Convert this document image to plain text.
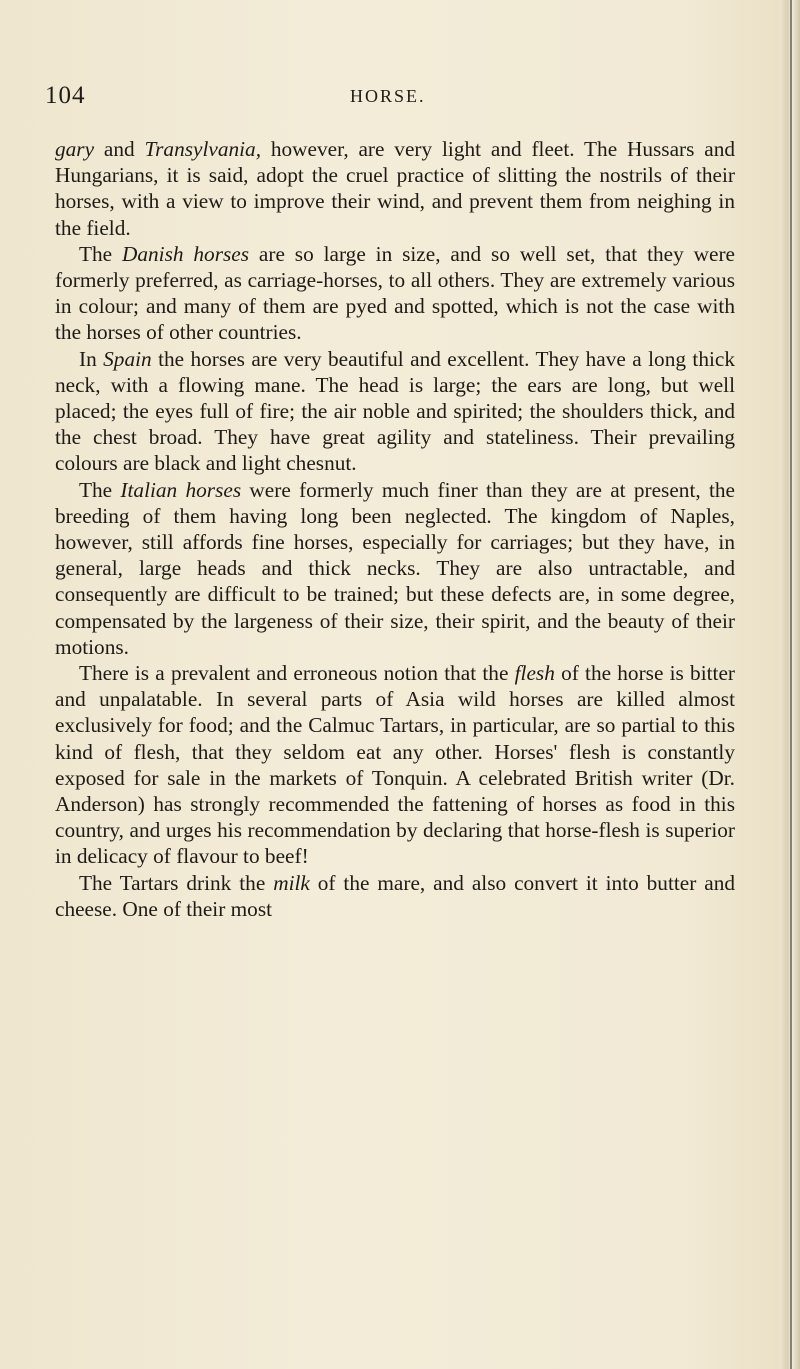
104	HORSE.

gary and Transylvania, however, are very light and fleet. The Hussars and Hungarians, it is said, adopt the cruel practice of slitting the nostrils of their horses, with a view to improve their wind, and prevent them from neighing in the field.

The Danish horses are so large in size, and so well set, that they were formerly preferred, as carriage-horses, to all others. They are extremely various in colour; and many of them are pyed and spotted, which is not the case with the horses of other countries.

In Spain the horses are very beautiful and excellent. They have a long thick neck, with a flowing mane. The head is large; the ears are long, but well placed; the eyes full of fire; the air noble and spirited; the shoulders thick, and the chest broad. They have great agility and stateliness. Their prevailing colours are black and light chesnut.

The Italian horses were formerly much finer than they are at present, the breeding of them having long been neglected. The kingdom of Naples, however, still affords fine horses, especially for carriages; but they have, in general, large heads and thick necks. They are also untractable, and consequently are difficult to be trained; but these defects are, in some degree, compensated by the largeness of their size, their spirit, and the beauty of their motions.

There is a prevalent and erroneous notion that the flesh of the horse is bitter and unpalatable. In several parts of Asia wild horses are killed almost exclusively for food; and the Calmuc Tartars, in particular, are so partial to this kind of flesh, that they seldom eat any other. Horses' flesh is constantly exposed for sale in the markets of Tonquin. A celebrated British writer (Dr. Anderson) has strongly recommended the fattening of horses as food in this country, and urges his recommendation by declaring that horse-flesh is superior in delicacy of flavour to beef!

The Tartars drink the milk of the mare, and also convert it into butter and cheese. One of their most
